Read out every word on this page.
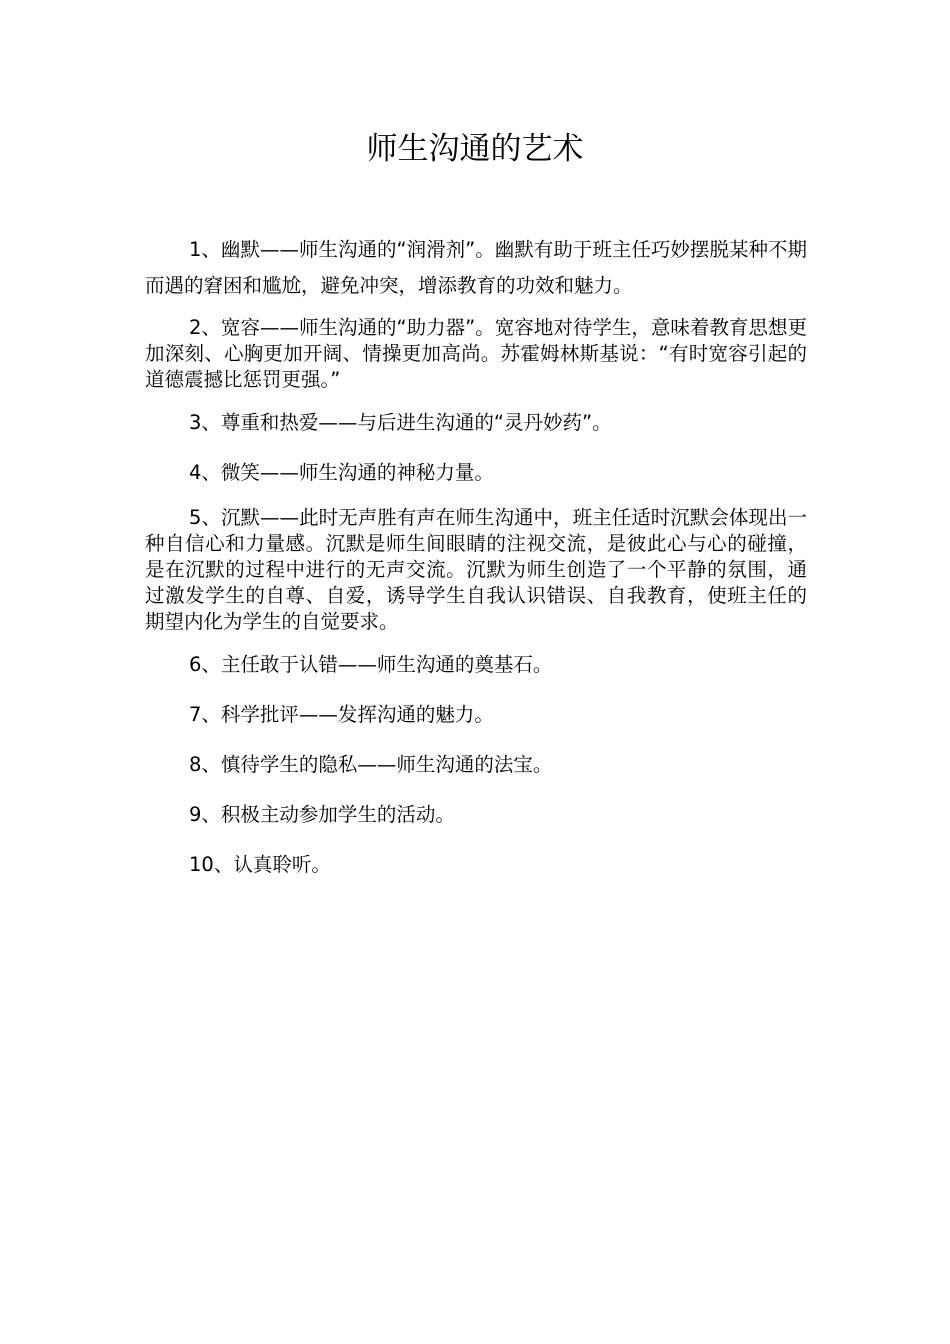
师生沟通的艺术

1、幽默——师生沟通的“润滑剂”。幽默有助于班主任巧妙摆脱某种不期而遇的窘困和尴尬，避免冲突，增添教育的功效和魅力。

2、宽容——师生沟通的“助力器”。宽容地对待学生，意味着教育思想更加深刻、心胸更加开阔、情操更加高尚。苏霍姆林斯基说：“有时宽容引起的道德震撼比惩罚更强。”

3、尊重和热爱——与后进生沟通的“灵丹妙药”。

4、微笑——师生沟通的神秘力量。

5、沉默——此时无声胜有声在师生沟通中，班主任适时沉默会体现出一种自信心和力量感。沉默是师生间眼睛的注视交流，是彼此心与心的碰撞，是在沉默的过程中进行的无声交流。沉默为师生创造了一个平静的氛围，通过激发学生的自尊、自爱，诱导学生自我认识错误、自我教育，使班主任的期望内化为学生的自觉要求。

6、主任敢于认错——师生沟通的奠基石。

7、科学批评——发挥沟通的魅力。

8、慎待学生的隐私——师生沟通的法宝。

9、积极主动参加学生的活动。

10、认真聆听。
